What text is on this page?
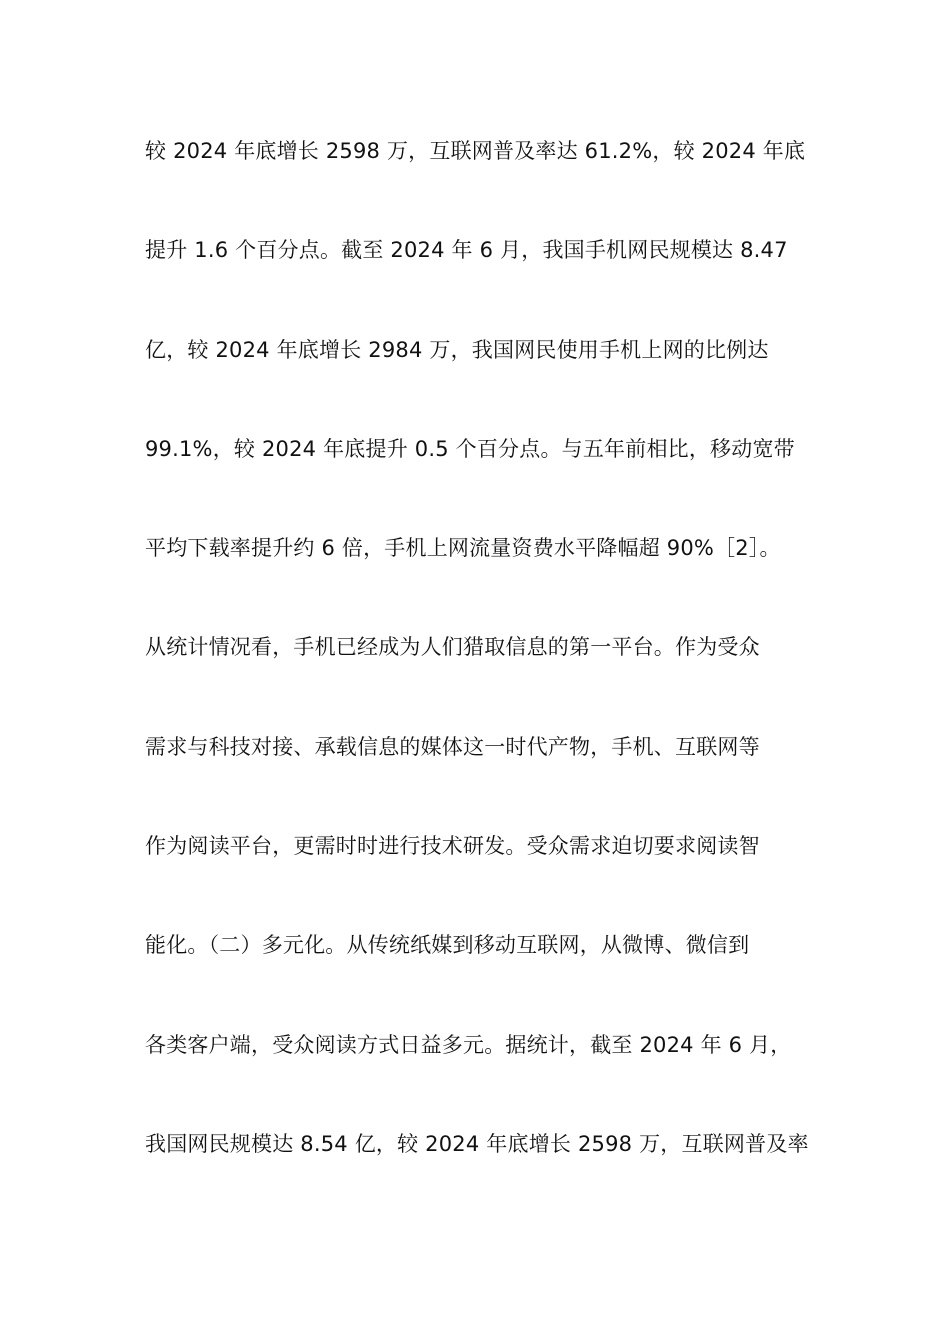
较 2024 年底增长 2598 万，互联网普及率达 61.2%，较 2024 年底
提升 1.6 个百分点。截至 2024 年 6 月，我国手机网民规模达 8.47
亿，较 2024 年底增长 2984 万，我国网民使用手机上网的比例达
99.1%，较 2024 年底提升 0.5 个百分点。与五年前相比，移动宽带
平均下载率提升约 6 倍，手机上网流量资费水平降幅超 90%［2］。
从统计情况看，手机已经成为人们猎取信息的第一平台。作为受众
需求与科技对接、承载信息的媒体这一时代产物，手机、互联网等
作为阅读平台，更需时时进行技术研发。受众需求迫切要求阅读智
能化。（二）多元化。从传统纸媒到移动互联网，从微博、微信到
各类客户端，受众阅读方式日益多元。据统计，截至 2024 年 6 月，
我国网民规模达 8.54 亿，较 2024 年底增长 2598 万，互联网普及率
